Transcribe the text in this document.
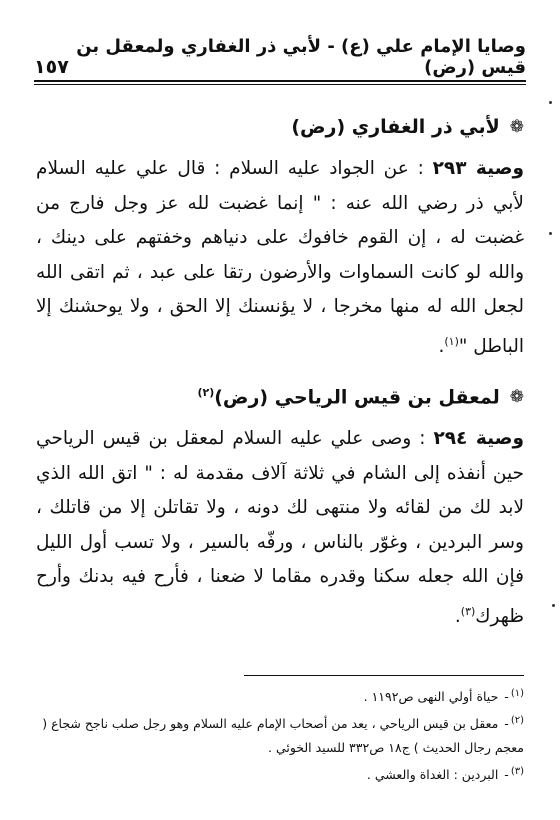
وصايا الإمام علي (ع) - لأبي ذر الغفاري ولمعقل بن قيس (رض)
١٥٧
❁
لأبي ذر الغفاري (رض)

وصية ٢٩٣ : عن الجواد عليه السلام : قال علي عليه السلام لأبي ذر رضي الله عنه : " إنما غضبت لله عز وجل فارج من غضبت له ، إن القوم خافوك على دنياهم وخفتهم على دينك ، والله لو كانت السماوات والأرضون رتقا على عبد ، ثم اتقى الله لجعل الله له منها مخرجا ، لا يؤنسنك إلا الحق ، ولا يوحشنك إلا الباطل "$^{(١)}$.

❁
لمعقل بن قيس الرياحي (رض)$^{(٢)}$

وصية ٢٩٤ : وصى علي عليه السلام لمعقل بن قيس الرياحي حين أنفذه إلى الشام في ثلاثة آلاف مقدمة له : " اتق الله الذي لابد لك من لقائه ولا منتهى لك دونه ، ولا تقاتلن إلا من قاتلك ، وسر البردين ، وغوّر بالناس ، ورفّه بالسير ، ولا تسب أول الليل فإن الله جعله سكنا وقدره مقاما لا ضعنا ، فأرح فيه بدنك وأرح ظهرك$^{(٣)}$.

$^{(١)}$- حياة أولي النهى ص١١٩٢ .

$^{(٢)}$- معقل بن قيس الرياحي ، يعد من أصحاب الإمام عليه السلام وهو رجل صلب ناجح شجاع ( معجم رجال الحديث ) ج١٨ ص٣٣٢ للسيد الخوئي .

$^{(٣)}$- البردين : الغداة والعشي .
